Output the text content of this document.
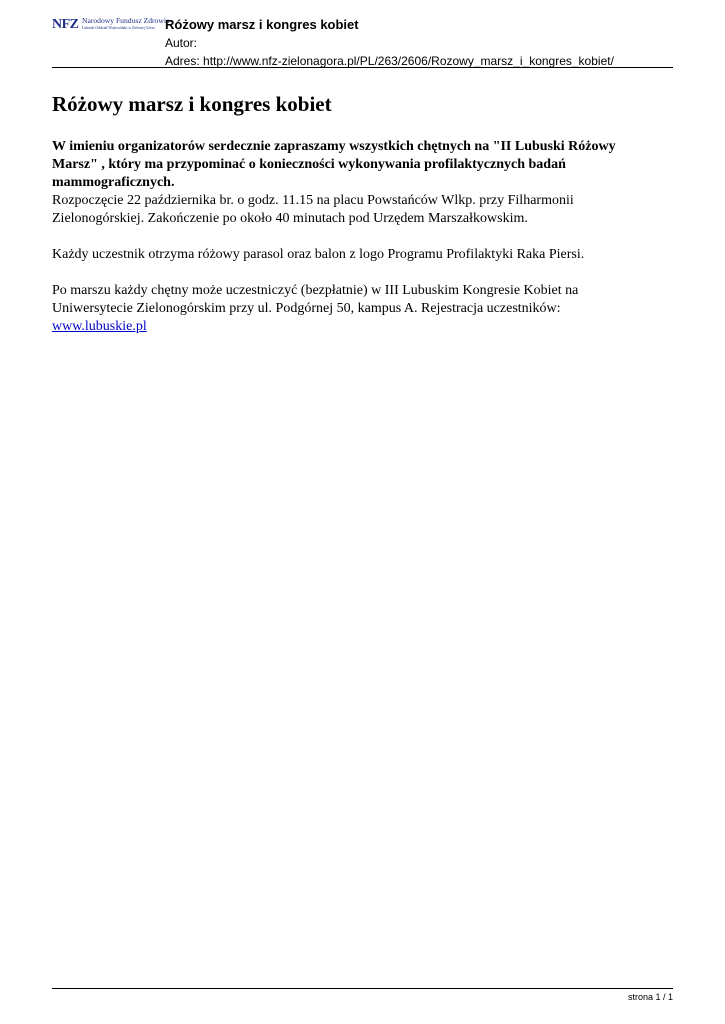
NFZ Narodowy Fundusz Zdrowia
Lubuski Oddział Wojewódzki w Zielonej Górze Różowy marsz i kongres kobiet
Autor:
Adres: http://www.nfz-zielonagora.pl/PL/263/2606/Rozowy_marsz_i_kongres_kobiet/
Różowy marsz i kongres kobiet

W imieniu organizatorów serdecznie zapraszamy wszystkich chętnych na "II Lubuski Różowy Marsz" , który ma przypominać o konieczności wykonywania profilaktycznych badań mammograficznych.

Rozpoczęcie 22 października br. o godz. 11.15 na placu Powstańców Wlkp. przy Filharmonii Zielonogórskiej. Zakończenie po około 40 minutach pod Urzędem Marszałkowskim.

Każdy uczestnik otrzyma różowy parasol oraz balon z logo Programu Profilaktyki Raka Piersi.

Po marszu każdy chętny może uczestniczyć (bezpłatnie) w III Lubuskim Kongresie Kobiet na Uniwersytecie Zielonogórskim przy ul. Podgórnej 50, kampus A. Rejestracja uczestników:
www.lubuskie.pl

strona 1 / 1
